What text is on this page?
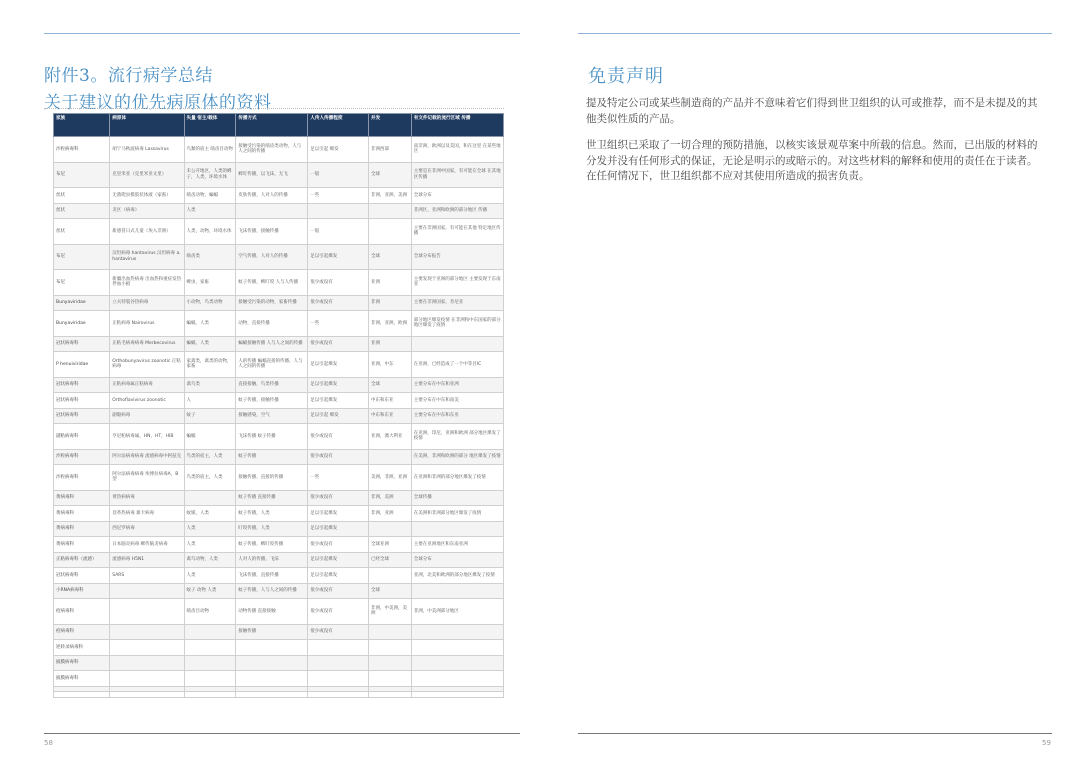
附件3。流行病学总结
关于建议的优先病原体的资料
家族	病原体	失量 宿主/载体	传播方式	人传人传播程度	并发	有文件记载的流行区域 传播
沙粒病毒科	胡宁马秋波病毒 Lassavirus	鸟類的宿主 啮齿目动物	接触受污染的啮齿类动物，人与人之间的传播	足以引起 爆发	非洲西部	南非洲，欧洲以及美国，和在这里 在某些地区
布尼	克里米亚（克里米亚文里）	未公开地区，人类的蜱子，人类，环境水体	蜱叮传播，以飞沫，无飞	一般	全球	主要是在非洲中国家，有可能在全球 在其地区传播
丝状	无菌爬虫模胶状体液（家畜）	啮齿动物，蝙蝠	皮肤传播，人对人的传播	一些	非洲，亚洲，美洲	全球分布
丝状	炎区（病毒）	人类				非洲区，亚洲和欧洲的部分地区 传播
丝状	新感冒日式儿童（埃入非洲）	人类，动物，环境水体	飞沫传播，接触传播	一般		主要在非洲国家，有可能在其他 特定地区传播
布尼	汉坦病毒 hantavirus 汉坦病毒 a.hantavirus	啮齿类	空气传播，人对人的传播	足以引起爆发	全球	全球分布报告
布尼	新疆出血热病毒 出血热和重症发热伴血小板	蜱虫，家畜	蚊子传播，蜱叮咬 人与人传播	很少或没有	亚洲	主要发现于亚洲的部分地区 主要发现于东南亚
Bunyaviridae	立夫特裂谷热病毒	小动物，鸟类动物	接触受污染的动物，家畜传播	很少或没有	非洲	主要在非洲国家，肯尼亚
Bunyaviridae	正粘病毒 Nairovirus	蝙蝠，人类	动物，直接传播	一些	非洲，亚洲，欧洲	部分地区爆发疫情 在非洲和中东国家的部分地区爆发了疫情
冠状病毒科	正粘毛病毒病毒 Merbecovirus	蝙蝠，人类	蝙蝠接触传播 人与人之间的传播	很少或没有	亚洲	
P henuiviridae	Orthobunyavirus zoonotic 正粘病毒	家禽类，禽类的动物，家畜	人的传播 蝙蝠直接的传播，人与人之间的传播	足以引起爆发	亚洲，中东	在亚洲，已经造成了一个中等目IC
冠状病毒科	正粘病毒属正粘病毒	禽鸟类	直接接触，鸟类传播	足以引起爆发	全球	主要分布在中东和亚洲
冠状病毒科	Orthoflavivirus zoonotic	人	蚊子传播，接触传播	足以引起爆发	中东和东亚	主要分布在中东和南美
冠状病毒科	副黏病毒	蚊子	接触感染，空气	足以引起 爆发	中东和东亚	主要分布在中东和东亚
副粘病毒科	亨尼帕病毒属，HN，HT，HIB	蝙蝠	飞沫传播 蚊子传播	很少或没有	亚洲，澳大利亚	在亚洲，印尼，亚洲和欧洲 部分地区爆发了疫情
沙粒病毒科	阿尔法病毒病毒 流感病毒中阿兹克	鸟类的宿主，人类	蚊子传播	很少或没有		在美洲，非洲和欧洲的部分 地区爆发了疫情
沙粒病毒科	阿尔法病毒病毒 埃博拉病毒A，B型	鸟类的宿主，人类	接触传播，直接的传播	一些	美洲，非洲，亚洲	在亚洲和非洲的部分地区爆发了疫情
黄病毒科	黄热病病毒		蚊子传播 直接传播	很少或没有	非洲，美洲	全球传播
黄病毒科	登革热病毒 寨卡病毒	蚊媒，人类	蚊子传播，人类	足以引起爆发	非洲，亚洲	在美洲和非洲部分地区爆发了疫情
黄病毒科	西尼罗病毒	人类	叮咬传播，人类	足以引起爆发		
黄病毒科	日本脑炎病毒 蜱传脑炎病毒	人类	蚊子传播，蜱叮咬传播	很少或没有	全球亚洲	主要在亚洲地区和东南亚洲
正粘病毒科（流感）	流感病毒 H5N1	禽鸟动物，人类	人对人的传播，飞沫	足以引起爆发	已经全球	全球分布
冠状病毒科	SARS	人类	飞沫传播，直接传播	足以引起爆发		亚洲，北美和欧洲的部分地区爆发了疫情
小RNA病毒科		蚊子 动物 人类	蚊子传播，人与人之间的传播	很少或没有	全球	
痘病毒科		啮齿目动物	动物传播 直接接触	很少或没有	非洲，中美洲，美洲	非洲，中美洲部分地区
痘病毒科			接触传播	很少或没有		
逆转录病毒科						
披膜病毒科						
披膜病毒科						

58
免责声明

提及特定公司或某些制造商的产品并不意味着它们得到世卫组织的认可或推荐，而不是未提及的其他类似性质的产品。

世卫组织已采取了一切合理的预防措施，以核实该景观草案中所载的信息。然而，已出版的材料的分发并没有任何形式的保证，无论是明示的或暗示的。对这些材料的解释和使用的责任在于读者。在任何情况下，世卫组织都不应对其使用所造成的损害负责。

59
